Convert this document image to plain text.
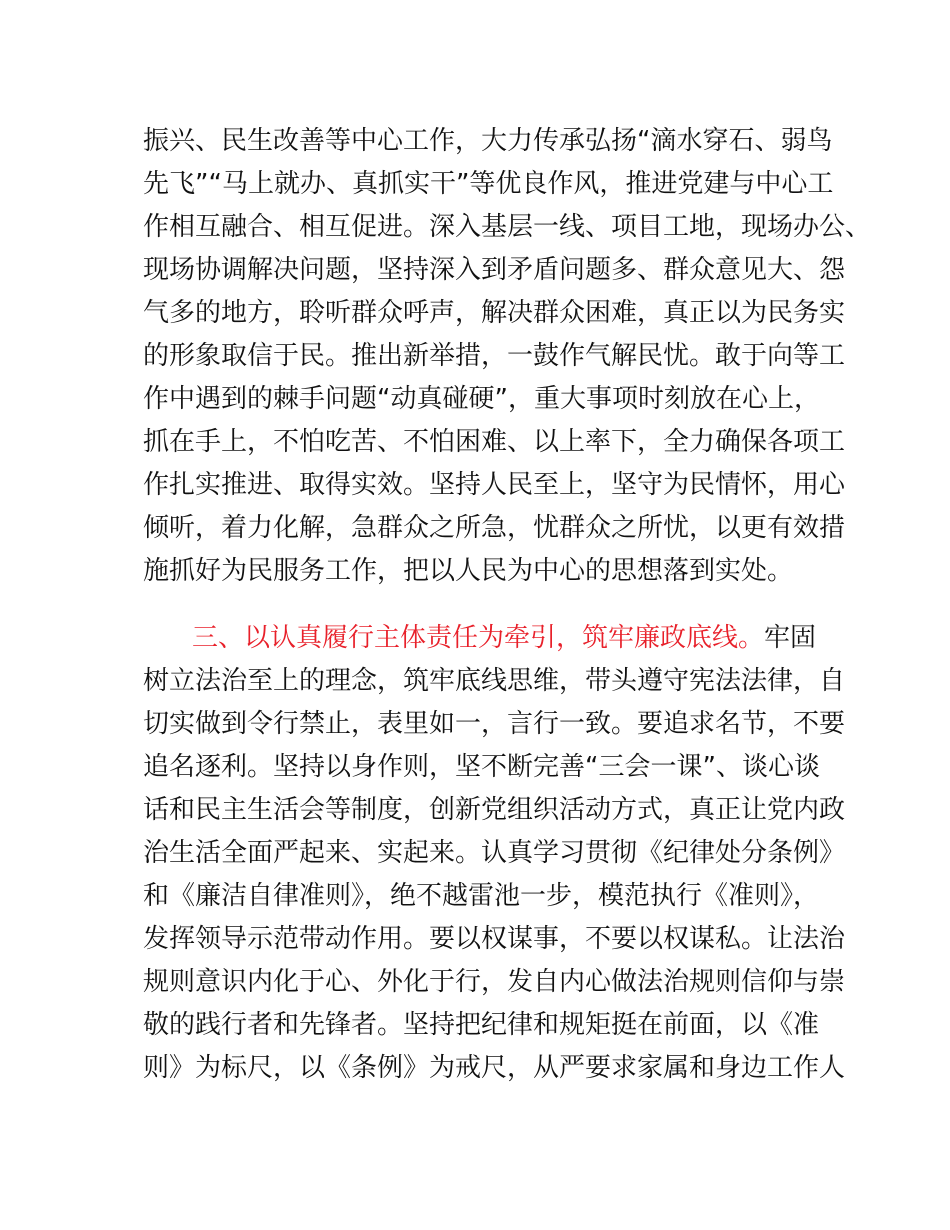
振兴、民生改善等中心工作，大力传承弘扬“滴水穿石、弱鸟
先飞”“马上就办、真抓实干”等优良作风，推进党建与中心工
作相互融合、相互促进。深入基层一线、项目工地，现场办公、
现场协调解决问题，坚持深入到矛盾问题多、群众意见大、怨
气多的地方，聆听群众呼声，解决群众困难，真正以为民务实
的形象取信于民。推出新举措，一鼓作气解民忧。敢于向等工
作中遇到的棘手问题“动真碰硬”，重大事项时刻放在心上，
抓在手上，不怕吃苦、不怕困难、以上率下，全力确保各项工
作扎实推进、取得实效。坚持人民至上，坚守为民情怀，用心
倾听，着力化解，急群众之所急，忧群众之所忧，以更有效措
施抓好为民服务工作，把以人民为中心的思想落到实处。
三、以认真履行主体责任为牵引，筑牢廉政底线。牢固
树立法治至上的理念，筑牢底线思维，带头遵守宪法法律，自
切实做到令行禁止，表里如一，言行一致。要追求名节，不要
追名逐利。坚持以身作则，坚不断完善“三会一课”、谈心谈
话和民主生活会等制度，创新党组织活动方式，真正让党内政
治生活全面严起来、实起来。认真学习贯彻《纪律处分条例》
和《廉洁自律准则》，绝不越雷池一步，模范执行《准则》，
发挥领导示范带动作用。要以权谋事，不要以权谋私。让法治
规则意识内化于心、外化于行，发自内心做法治规则信仰与崇
敬的践行者和先锋者。坚持把纪律和规矩挺在前面，以《准
则》为标尺，以《条例》为戒尺，从严要求家属和身边工作人
